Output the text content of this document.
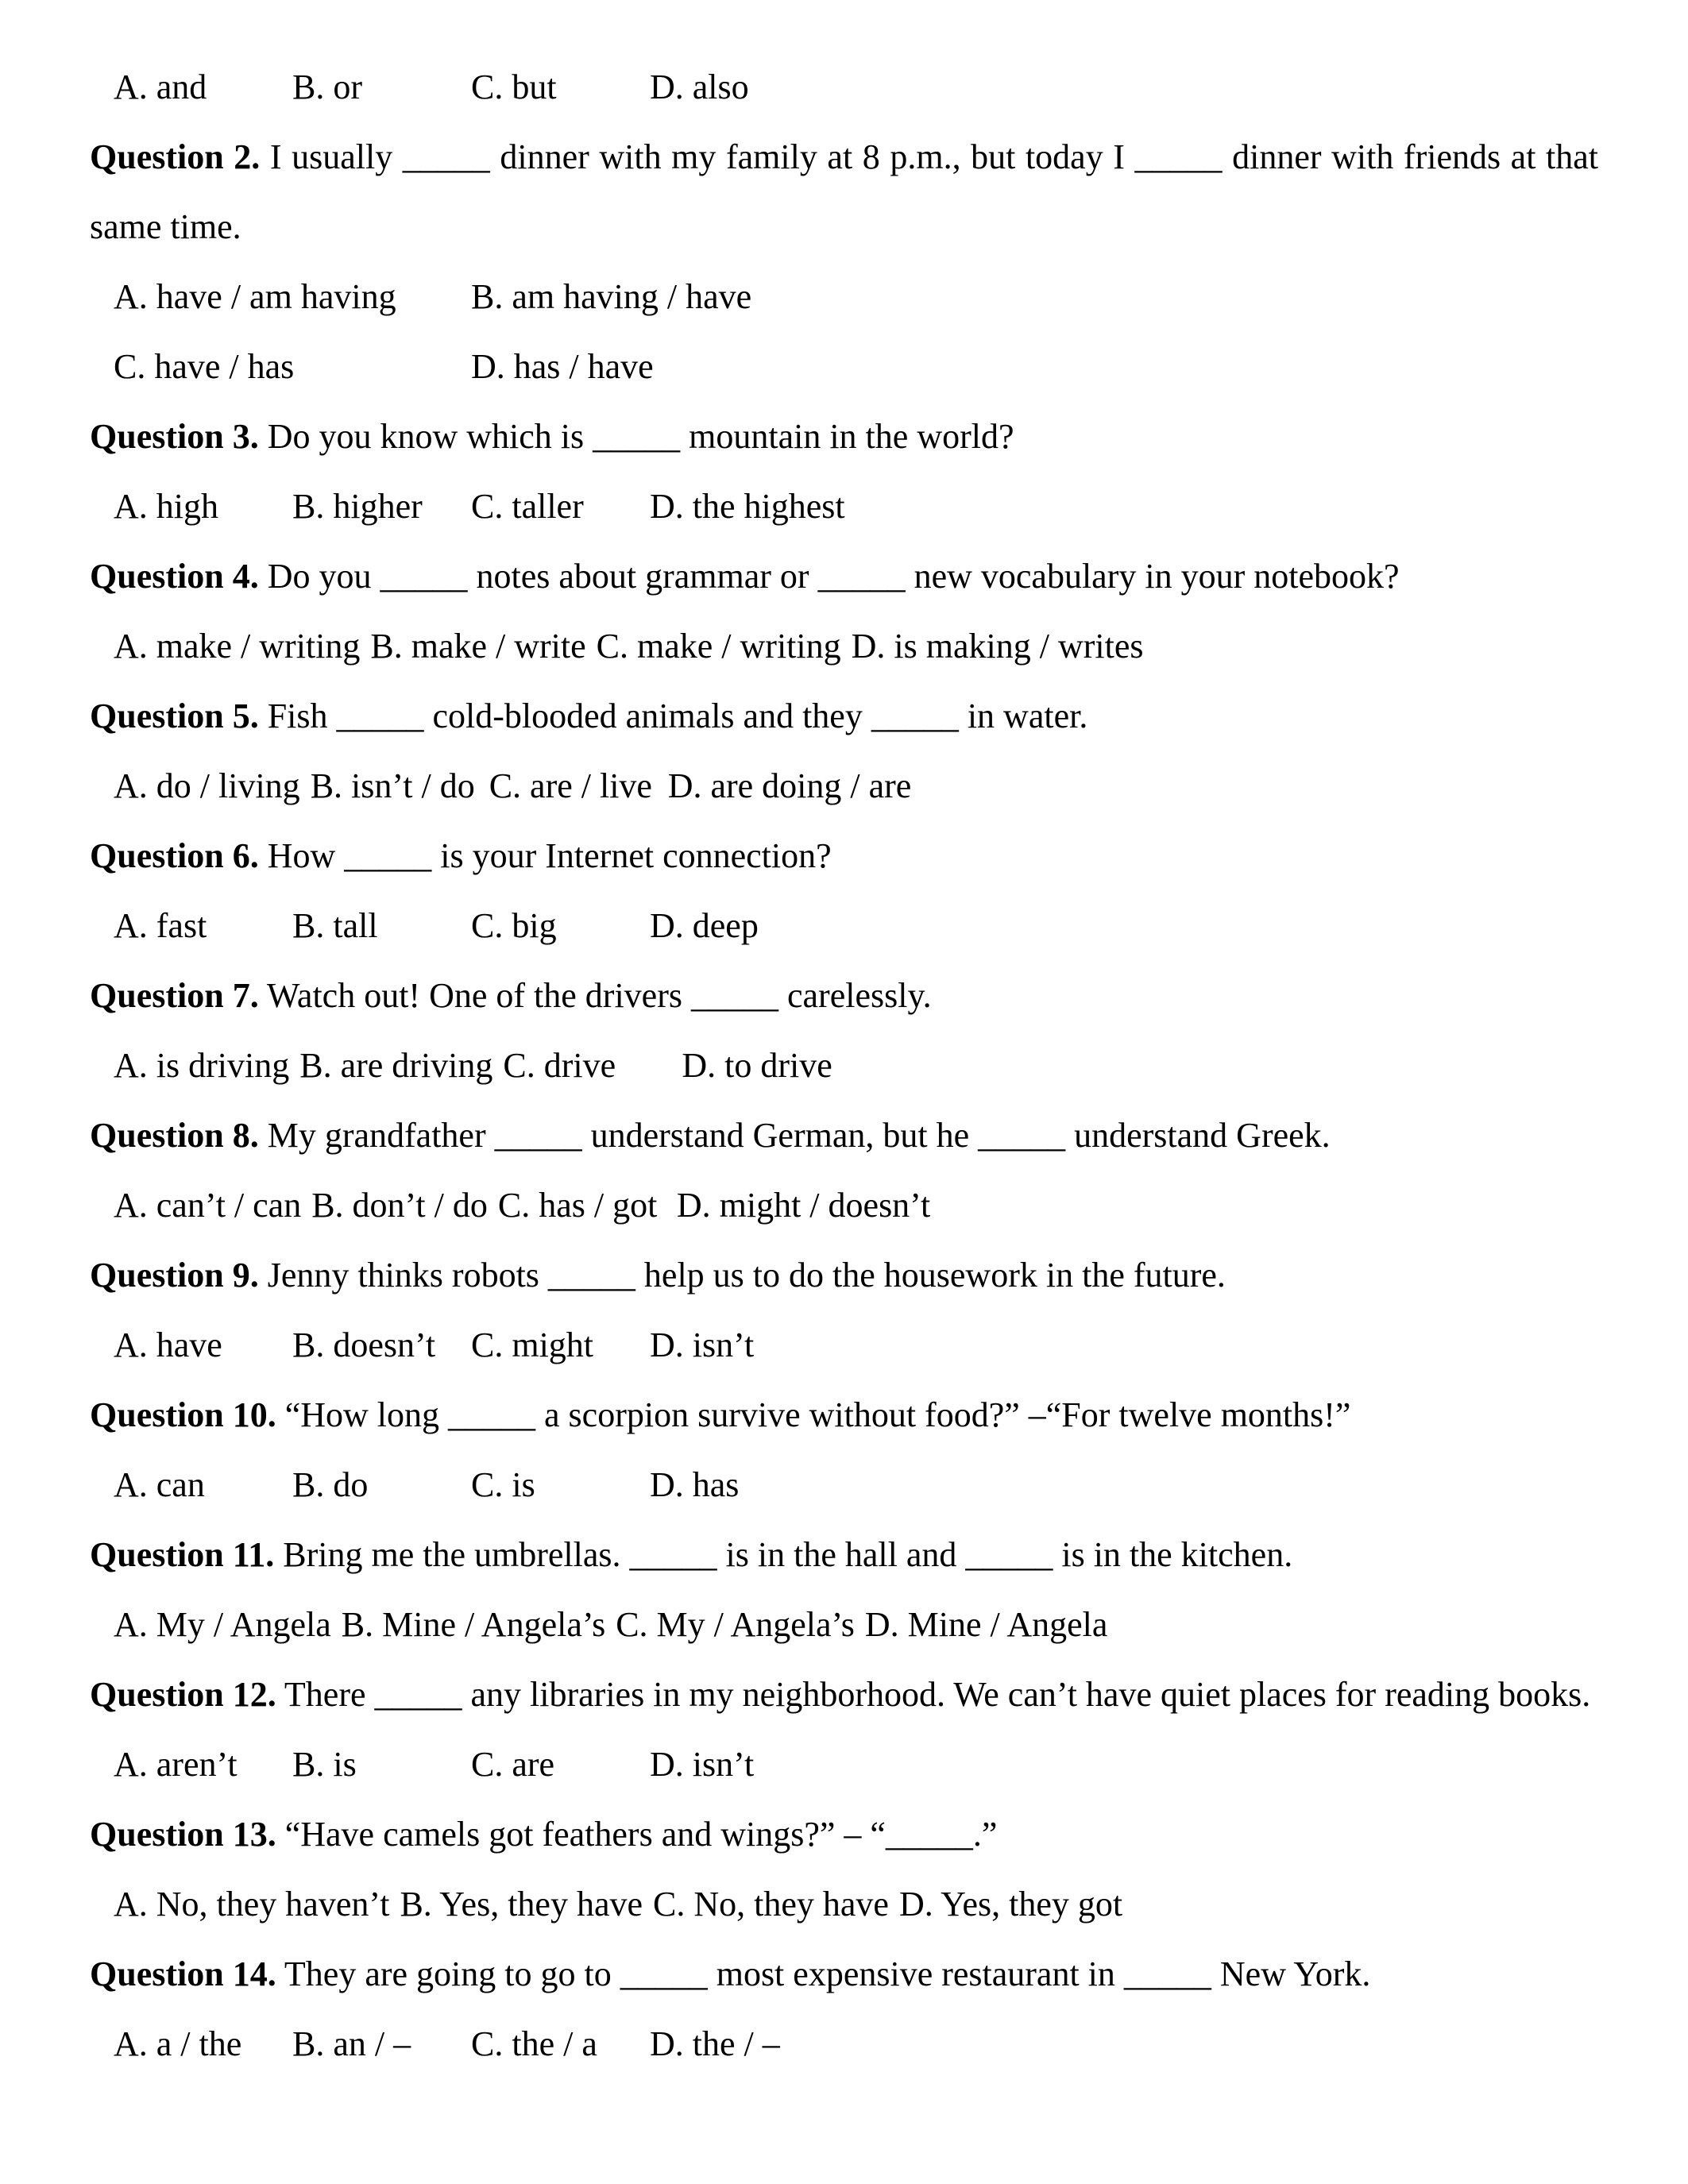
A. and	B. or	C. but	D. also

Question 2. I usually _____ dinner with my family at 8 p.m., but today I _____ dinner with friends at that same time.

A. have / am having	B. am having / have
C. have / has	D. has / have

Question 3. Do you know which is _____ mountain in the world?

A. high	B. higher	C. taller	D. the highest

Question 4. Do you _____ notes about grammar or _____ new vocabulary in your notebook?

A. make / writing B. make / write C. make / writing D. is making / writes

Question 5. Fish _____ cold-blooded animals and they _____ in water.

A. do / living B. isn’t / do C. are / live D. are doing / are

Question 6. How _____ is your Internet connection?

A. fast	B. tall	C. big	D. deep

Question 7. Watch out! One of the drivers _____ carelessly.

A. is driving B. are driving C. drive	D. to drive

Question 8. My grandfather _____ understand German, but he _____ understand Greek.

A. can’t / can B. don’t / do C. has / got D. might / doesn’t

Question 9. Jenny thinks robots _____ help us to do the housework in the future.

A. have	B. doesn’t	C. might	D. isn’t

Question 10. “How long _____ a scorpion survive without food?” –“For twelve months!”

A. can	B. do	C. is	D. has

Question 11. Bring me the umbrellas. _____ is in the hall and _____ is in the kitchen.

A. My / Angela B. Mine / Angela’s C. My / Angela’s D. Mine / Angela

Question 12. There _____ any libraries in my neighborhood. We can’t have quiet places for reading books.

A. aren’t	B. is	C. are	D. isn’t

Question 13. “Have camels got feathers and wings?” – “_____.”

A. No, they haven’t B. Yes, they have C. No, they have D. Yes, they got

Question 14. They are going to go to _____ most expensive restaurant in _____ New York.

A. a / the	B. an / –	C. the / a	D. the / –
